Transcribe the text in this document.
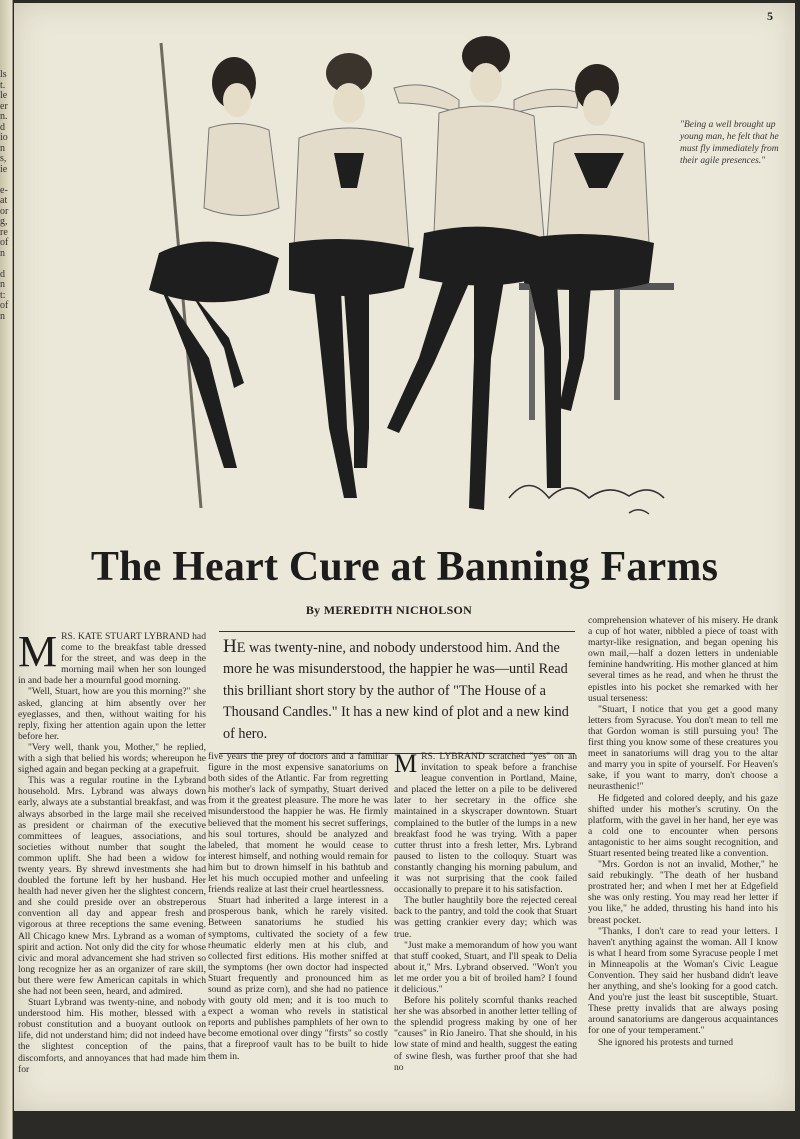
ls
t.
le
er
n.
d
io
n
s,
ie

e-
at
or
g,
re
of
n

d
n
t:
of
n
5
"Being a well brought up young man, he felt that he must fly immediately from their agile presences."
The Heart Cure at Banning Farms
By MEREDITH NICHOLSON

MRS. KATE STUART LYBRAND had come to the breakfast table dressed for the street, and was deep in the morning mail when her son lounged in and bade her a mournful good morning.

"Well, Stuart, how are you this morning?" she asked, glancing at him absently over her eyeglasses, and then, without waiting for his reply, fixing her attention again upon the letter before her.

"Very well, thank you, Mother," he replied, with a sigh that belied his words; whereupon he sighed again and began pecking at a grapefruit.

This was a regular routine in the Lybrand household. Mrs. Lybrand was always down early, always ate a substantial breakfast, and was always absorbed in the large mail she received as president or chairman of the executive committees of leagues, associations, and societies without number that sought the common uplift. She had been a widow for twenty years. By shrewd investments she had doubled the fortune left by her husband. Her health had never given her the slightest concern, and she could preside over an obstreperous convention all day and appear fresh and vigorous at three receptions the same evening. All Chicago knew Mrs. Lybrand as a woman of spirit and action. Not only did the city for whose civic and moral advancement she had striven so long recognize her as an organizer of rare skill, but there were few American capitals in which she had not been seen, heard, and admired.

Stuart Lybrand was twenty-nine, and nobody understood him. His mother, blessed with a robust constitution and a buoyant outlook on life, did not understand him; did not indeed have the slightest conception of the pains, discomforts, and annoyances that had made him for

HE was twenty-nine, and nobody understood him. And the more he was misunderstood, the happier he was—until Read this brilliant short story by the author of "The House of a Thousand Candles." It has a new kind of plot and a new kind of hero.

five years the prey of doctors and a familiar figure in the most expensive sanatoriums on both sides of the Atlantic. Far from regretting his mother's lack of sympathy, Stuart derived from it the greatest pleasure. The more he was misunderstood the happier he was. He firmly believed that the moment his secret sufferings, his soul tortures, should be analyzed and labeled, that moment he would cease to interest himself, and nothing would remain for him but to drown himself in his bathtub and let his much occupied mother and unfeeling friends realize at last their cruel heartlessness.

Stuart had inherited a large interest in a prosperous bank, which he rarely visited. Between sanatoriums he studied his symptoms, cultivated the society of a few rheumatic elderly men at his club, and collected first editions. His mother sniffed at the symptoms (her own doctor had inspected Stuart frequently and pronounced him as sound as prize corn), and she had no patience with gouty old men; and it is too much to expect a woman who revels in statistical reports and publishes pamphlets of her own to become emotional over dingy "firsts" so costly that a fireproof vault has to be built to hide them in.

MRS. LYBRAND scratched "yes" on an invitation to speak before a franchise league convention in Portland, Maine, and placed the letter on a pile to be delivered later to her secretary in the office she maintained in a skyscraper downtown. Stuart complained to the butler of the lumps in a new breakfast food he was trying. With a paper cutter thrust into a fresh letter, Mrs. Lybrand paused to listen to the colloquy. Stuart was constantly changing his morning pabulum, and it was not surprising that the cook failed occasionally to prepare it to his satisfaction.

The butler haughtily bore the rejected cereal back to the pantry, and told the cook that Stuart was getting crankier every day; which was true.

"Just make a memorandum of how you want that stuff cooked, Stuart, and I'll speak to Delia about it," Mrs. Lybrand observed. "Won't you let me order you a bit of broiled ham? I found it delicious."

Before his politely scornful thanks reached her she was absorbed in another letter telling of the splendid progress making by one of her "causes" in Rio Janeiro. That she should, in his low state of mind and health, suggest the eating of swine flesh, was further proof that she had no

comprehension whatever of his misery. He drank a cup of hot water, nibbled a piece of toast with martyr-like resignation, and began opening his own mail,—half a dozen letters in undeniable feminine handwriting. His mother glanced at him several times as he read, and when he thrust the epistles into his pocket she remarked with her usual terseness:

"Stuart, I notice that you get a good many letters from Syracuse. You don't mean to tell me that Gordon woman is still pursuing you! The first thing you know some of these creatures you meet in sanatoriums will drag you to the altar and marry you in spite of yourself. For Heaven's sake, if you want to marry, don't choose a neurasthenic!"

He fidgeted and colored deeply, and his gaze shifted under his mother's scrutiny. On the platform, with the gavel in her hand, her eye was a cold one to encounter when persons antagonistic to her aims sought recognition, and Stuart resented being treated like a convention.

"Mrs. Gordon is not an invalid, Mother," he said rebukingly. "The death of her husband prostrated her; and when I met her at Edgefield she was only resting. You may read her letter if you like," he added, thrusting his hand into his breast pocket.

"Thanks, I don't care to read your letters. I haven't anything against the woman. All I know is what I heard from some Syracuse people I met in Minneapolis at the Woman's Civic League Convention. They said her husband didn't leave her anything, and she's looking for a good catch. And you're just the least bit susceptible, Stuart. These pretty invalids that are always posing around sanatoriums are dangerous acquaintances for one of your temperament."

She ignored his protests and turned
